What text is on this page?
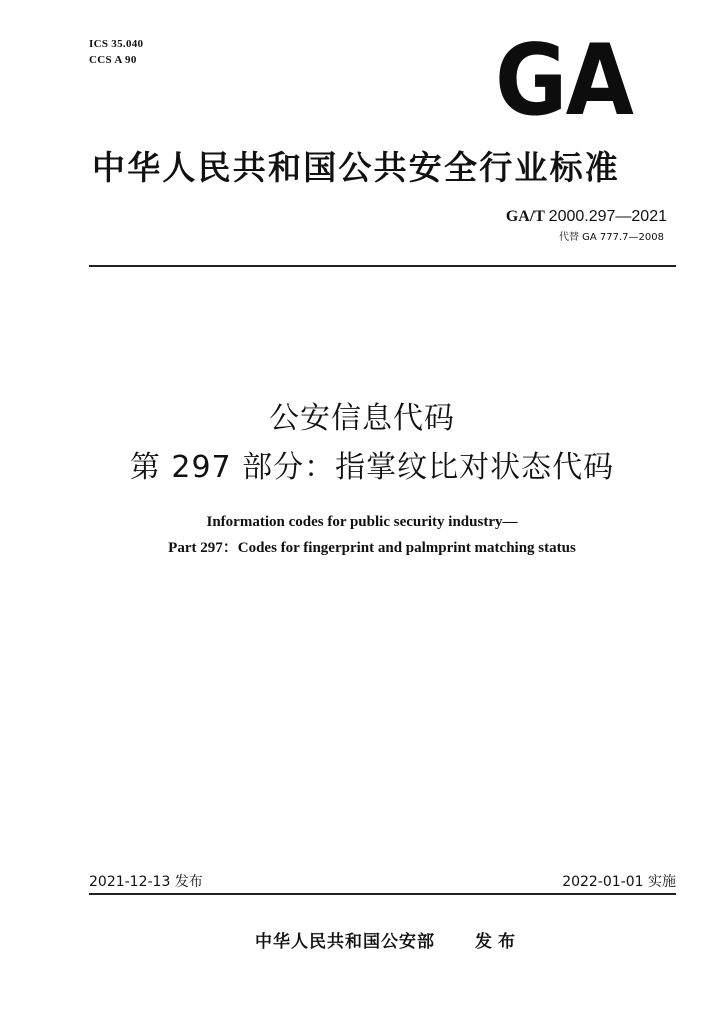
ICS 35.040
CCS A 90	GA
中华人民共和国公共安全行业标准
GA/T 2000.297—2021
代替 GA 777.7—2008
公安信息代码
第 297 部分：指掌纹比对状态代码
Information codes for public security industry—
Part 297：Codes for fingerprint and palmprint matching status
2021-12-13 发布	2022-01-01 实施
中华人民共和国公安部 发布
